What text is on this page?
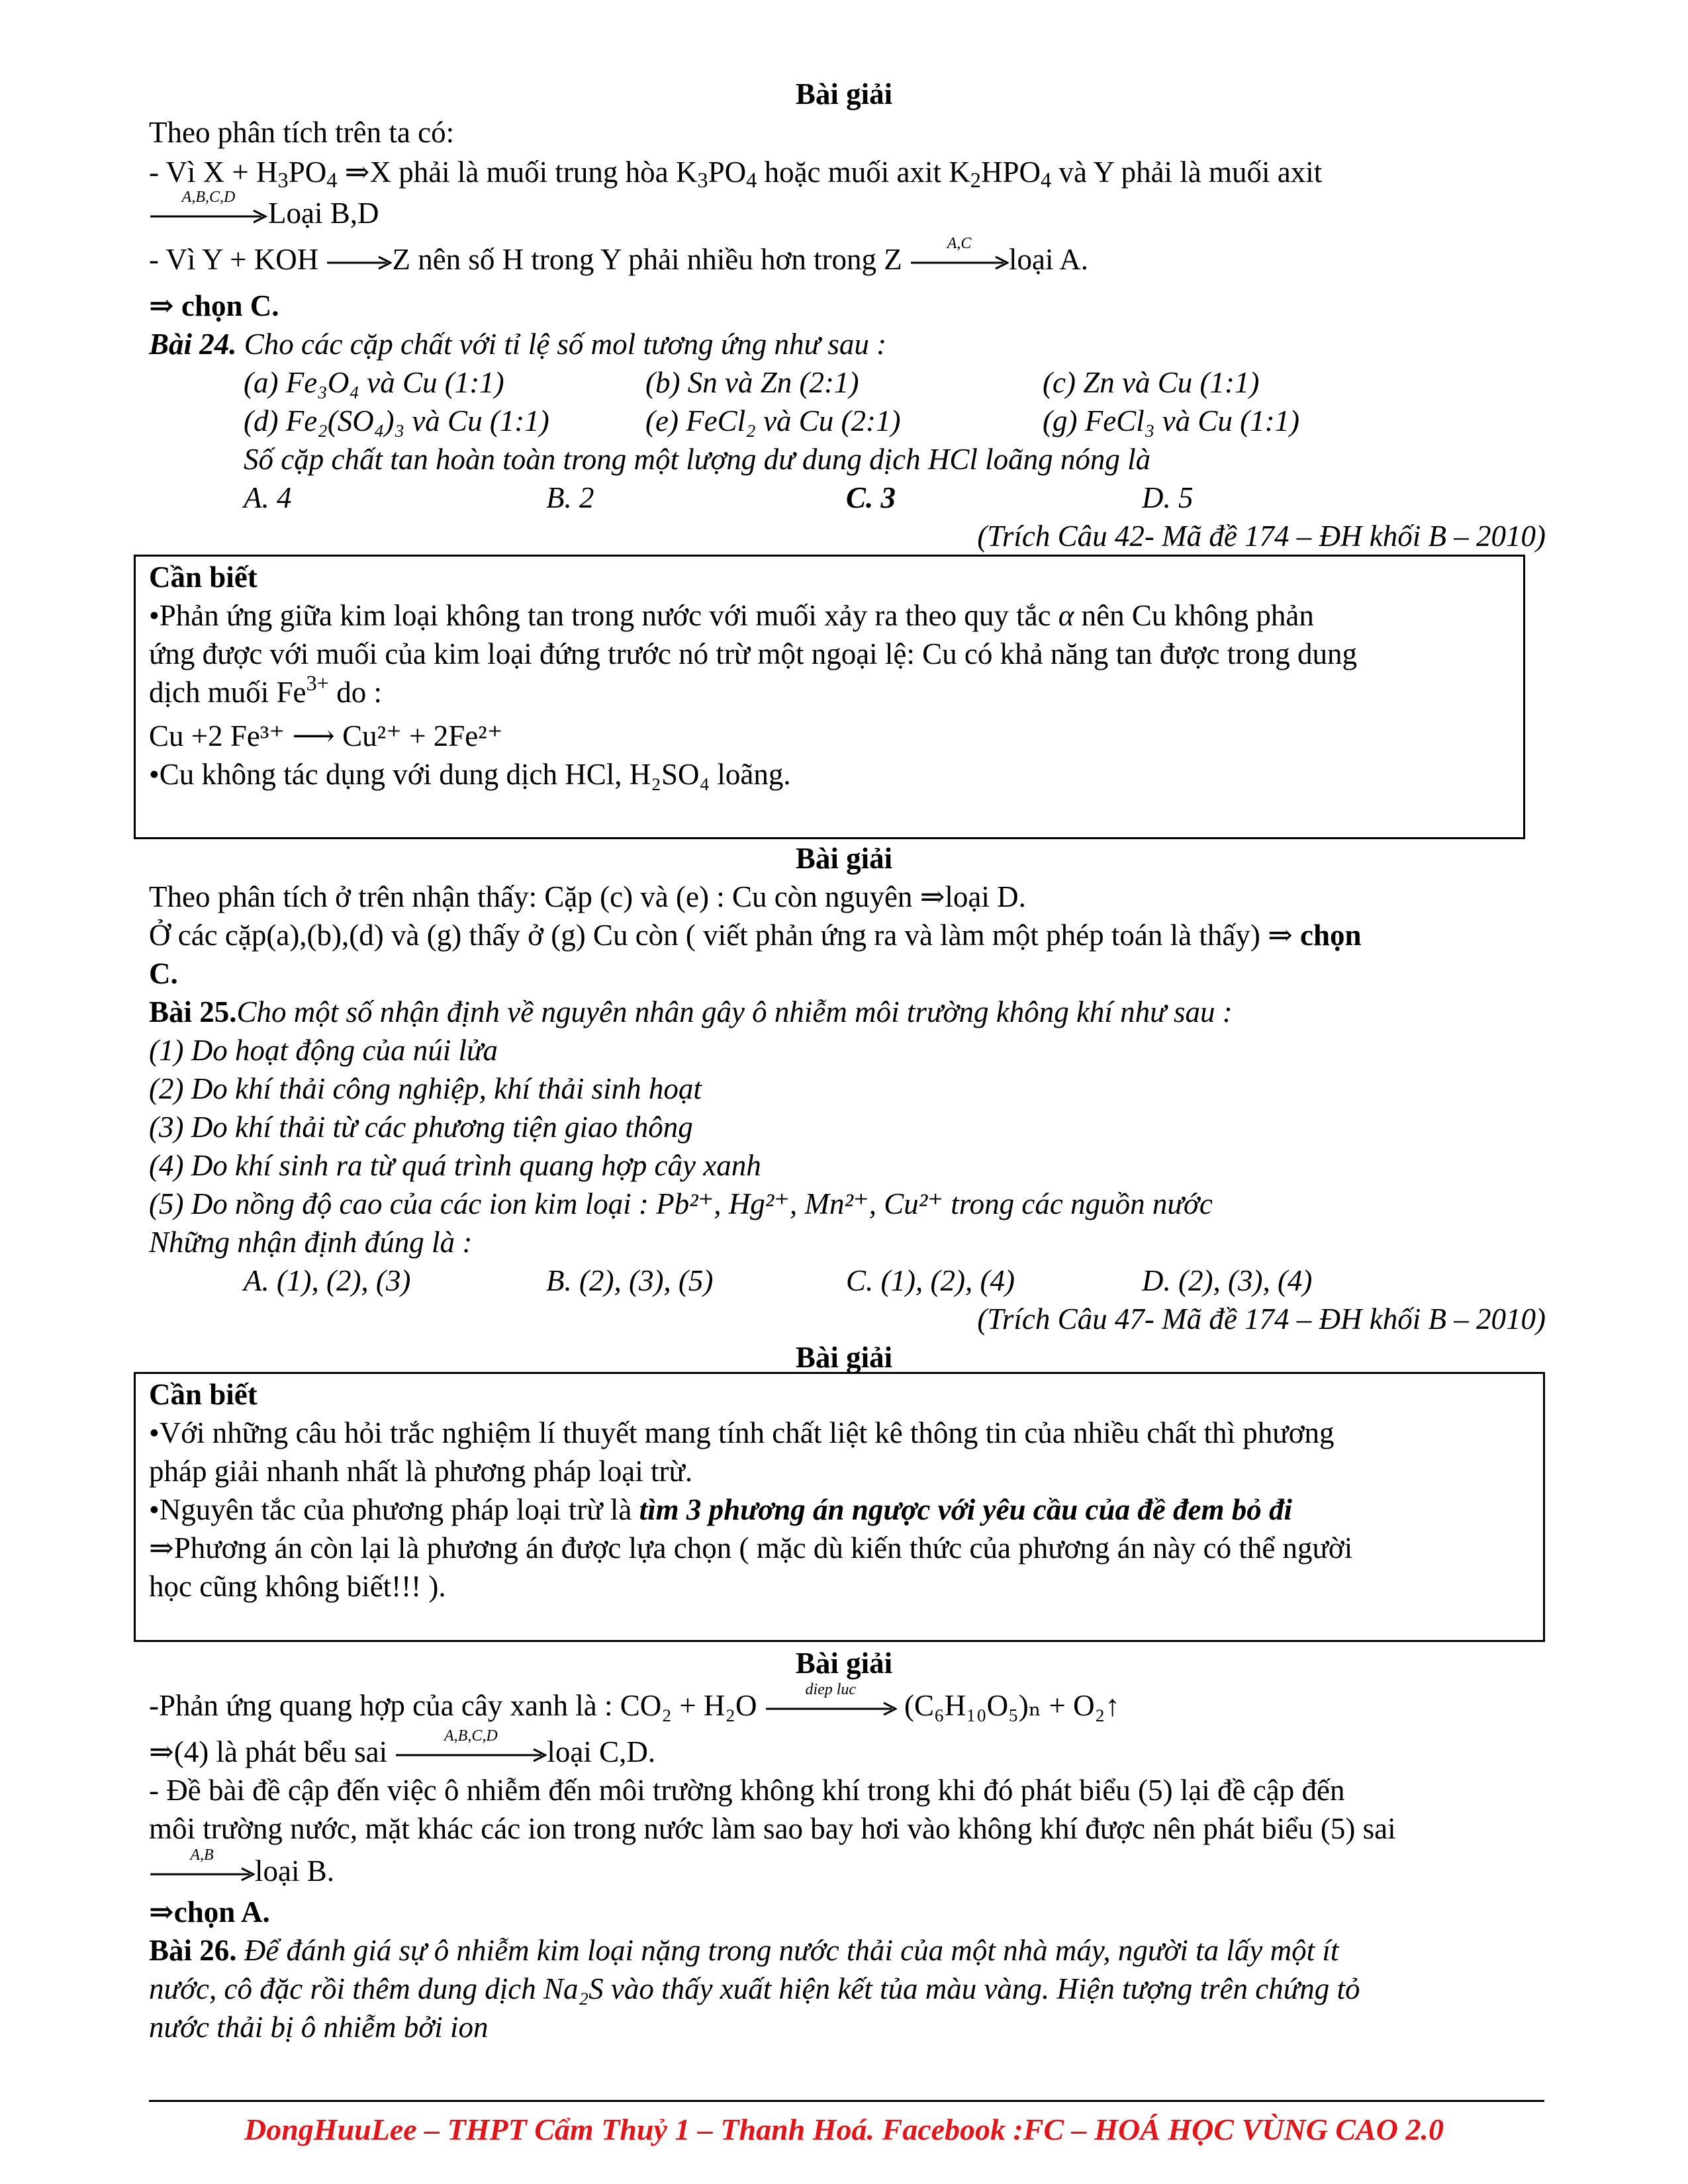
Bài giải
Theo phân tích trên ta có:
- Vì $X + H_3PO_4$ ⇒X phải là muối trung hòa $K_3PO_4$ hoặc muối axit $K_2HPO_4$ và Y phải là muối axit
A,B,C,D	Loại B,D
- Vì Y + KOH Z nên số H trong Y phải nhiều hơn trong Z	A,C	loại A.
⇒ chọn C.
Bài 24. Cho các cặp chất với tỉ lệ số mol tương ứng như sau :
(a) Fe₃O₄ và Cu (1:1)	(b) Sn và Zn (2:1)	(c) Zn và Cu (1:1)
(d) Fe₂(SO₄)₃ và Cu (1:1)	(e) FeCl₂ và Cu (2:1)	(g) FeCl₃ và Cu (1:1)
Số cặp chất tan hoàn toàn trong một lượng dư dung dịch HCl loãng nóng là
A. 4	B. 2	C. 3	D. 5
(Trích Câu 42- Mã đề 174 – ĐH khối B – 2010)
Cần biết
•Phản ứng giữa kim loại không tan trong nước với muối xảy ra theo quy tắc α nên Cu không phản
ứng được với muối của kim loại đứng trước nó trừ một ngoại lệ: Cu có khả năng tan được trong dung
dịch muối $Fe^{3+}$ do :
Cu +2 Fe³⁺ ⟶ Cu²⁺ + 2Fe²⁺
•Cu không tác dụng với dung dịch HCl, H₂SO₄ loãng.
Bài giải
Theo phân tích ở trên nhận thấy: Cặp (c) và (e) : Cu còn nguyên ⇒loại D.
Ở các cặp(a),(b),(d) và (g) thấy ở (g) Cu còn ( viết phản ứng ra và làm một phép toán là thấy) ⇒ chọn
C.
Bài 25.Cho một số nhận định về nguyên nhân gây ô nhiễm môi trường không khí như sau :
(1) Do hoạt động của núi lửa
(2) Do khí thải công nghiệp, khí thải sinh hoạt
(3) Do khí thải từ các phương tiện giao thông
(4) Do khí sinh ra từ quá trình quang hợp cây xanh
(5) Do nồng độ cao của các ion kim loại : Pb²⁺, Hg²⁺, Mn²⁺, Cu²⁺ trong các nguồn nước
Những nhận định đúng là :
A. (1), (2), (3)	B. (2), (3), (5)	C. (1), (2), (4)	D. (2), (3), (4)
(Trích Câu 47- Mã đề 174 – ĐH khối B – 2010)
Bài giải
Cần biết
•Với những câu hỏi trắc nghiệm lí thuyết mang tính chất liệt kê thông tin của nhiều chất thì phương
pháp giải nhanh nhất là phương pháp loại trừ.
•Nguyên tắc của phương pháp loại trừ là tìm 3 phương án ngược với yêu cầu của đề đem bỏ đi
⇒Phương án còn lại là phương án được lựa chọn ( mặc dù kiến thức của phương án này có thể người
học cũng không biết!!! ).
Bài giải
-Phản ứng quang hợp của cây xanh là : CO₂ + H₂O	diep luc	(C₆H₁₀O₅)ₙ + O₂↑
⇒(4) là phát bểu sai	A,B,C,D	loại C,D.
- Đề bài đề cập đến việc ô nhiễm đến môi trường không khí trong khi đó phát biểu (5) lại đề cập đến
môi trường nước, mặt khác các ion trong nước làm sao bay hơi vào không khí được nên phát biểu (5) sai
A,B	loại B.
⇒chọn A.
Bài 26. Để đánh giá sự ô nhiễm kim loại nặng trong nước thải của một nhà máy, người ta lấy một ít
nước, cô đặc rồi thêm dung dịch Na₂S vào thấy xuất hiện kết tủa màu vàng. Hiện tượng trên chứng tỏ
nước thải bị ô nhiễm bởi ion
DongHuuLee – THPT Cẩm Thuỷ 1 – Thanh Hoá. Facebook :FC – HOÁ HỌC VÙNG CAO 2.0
